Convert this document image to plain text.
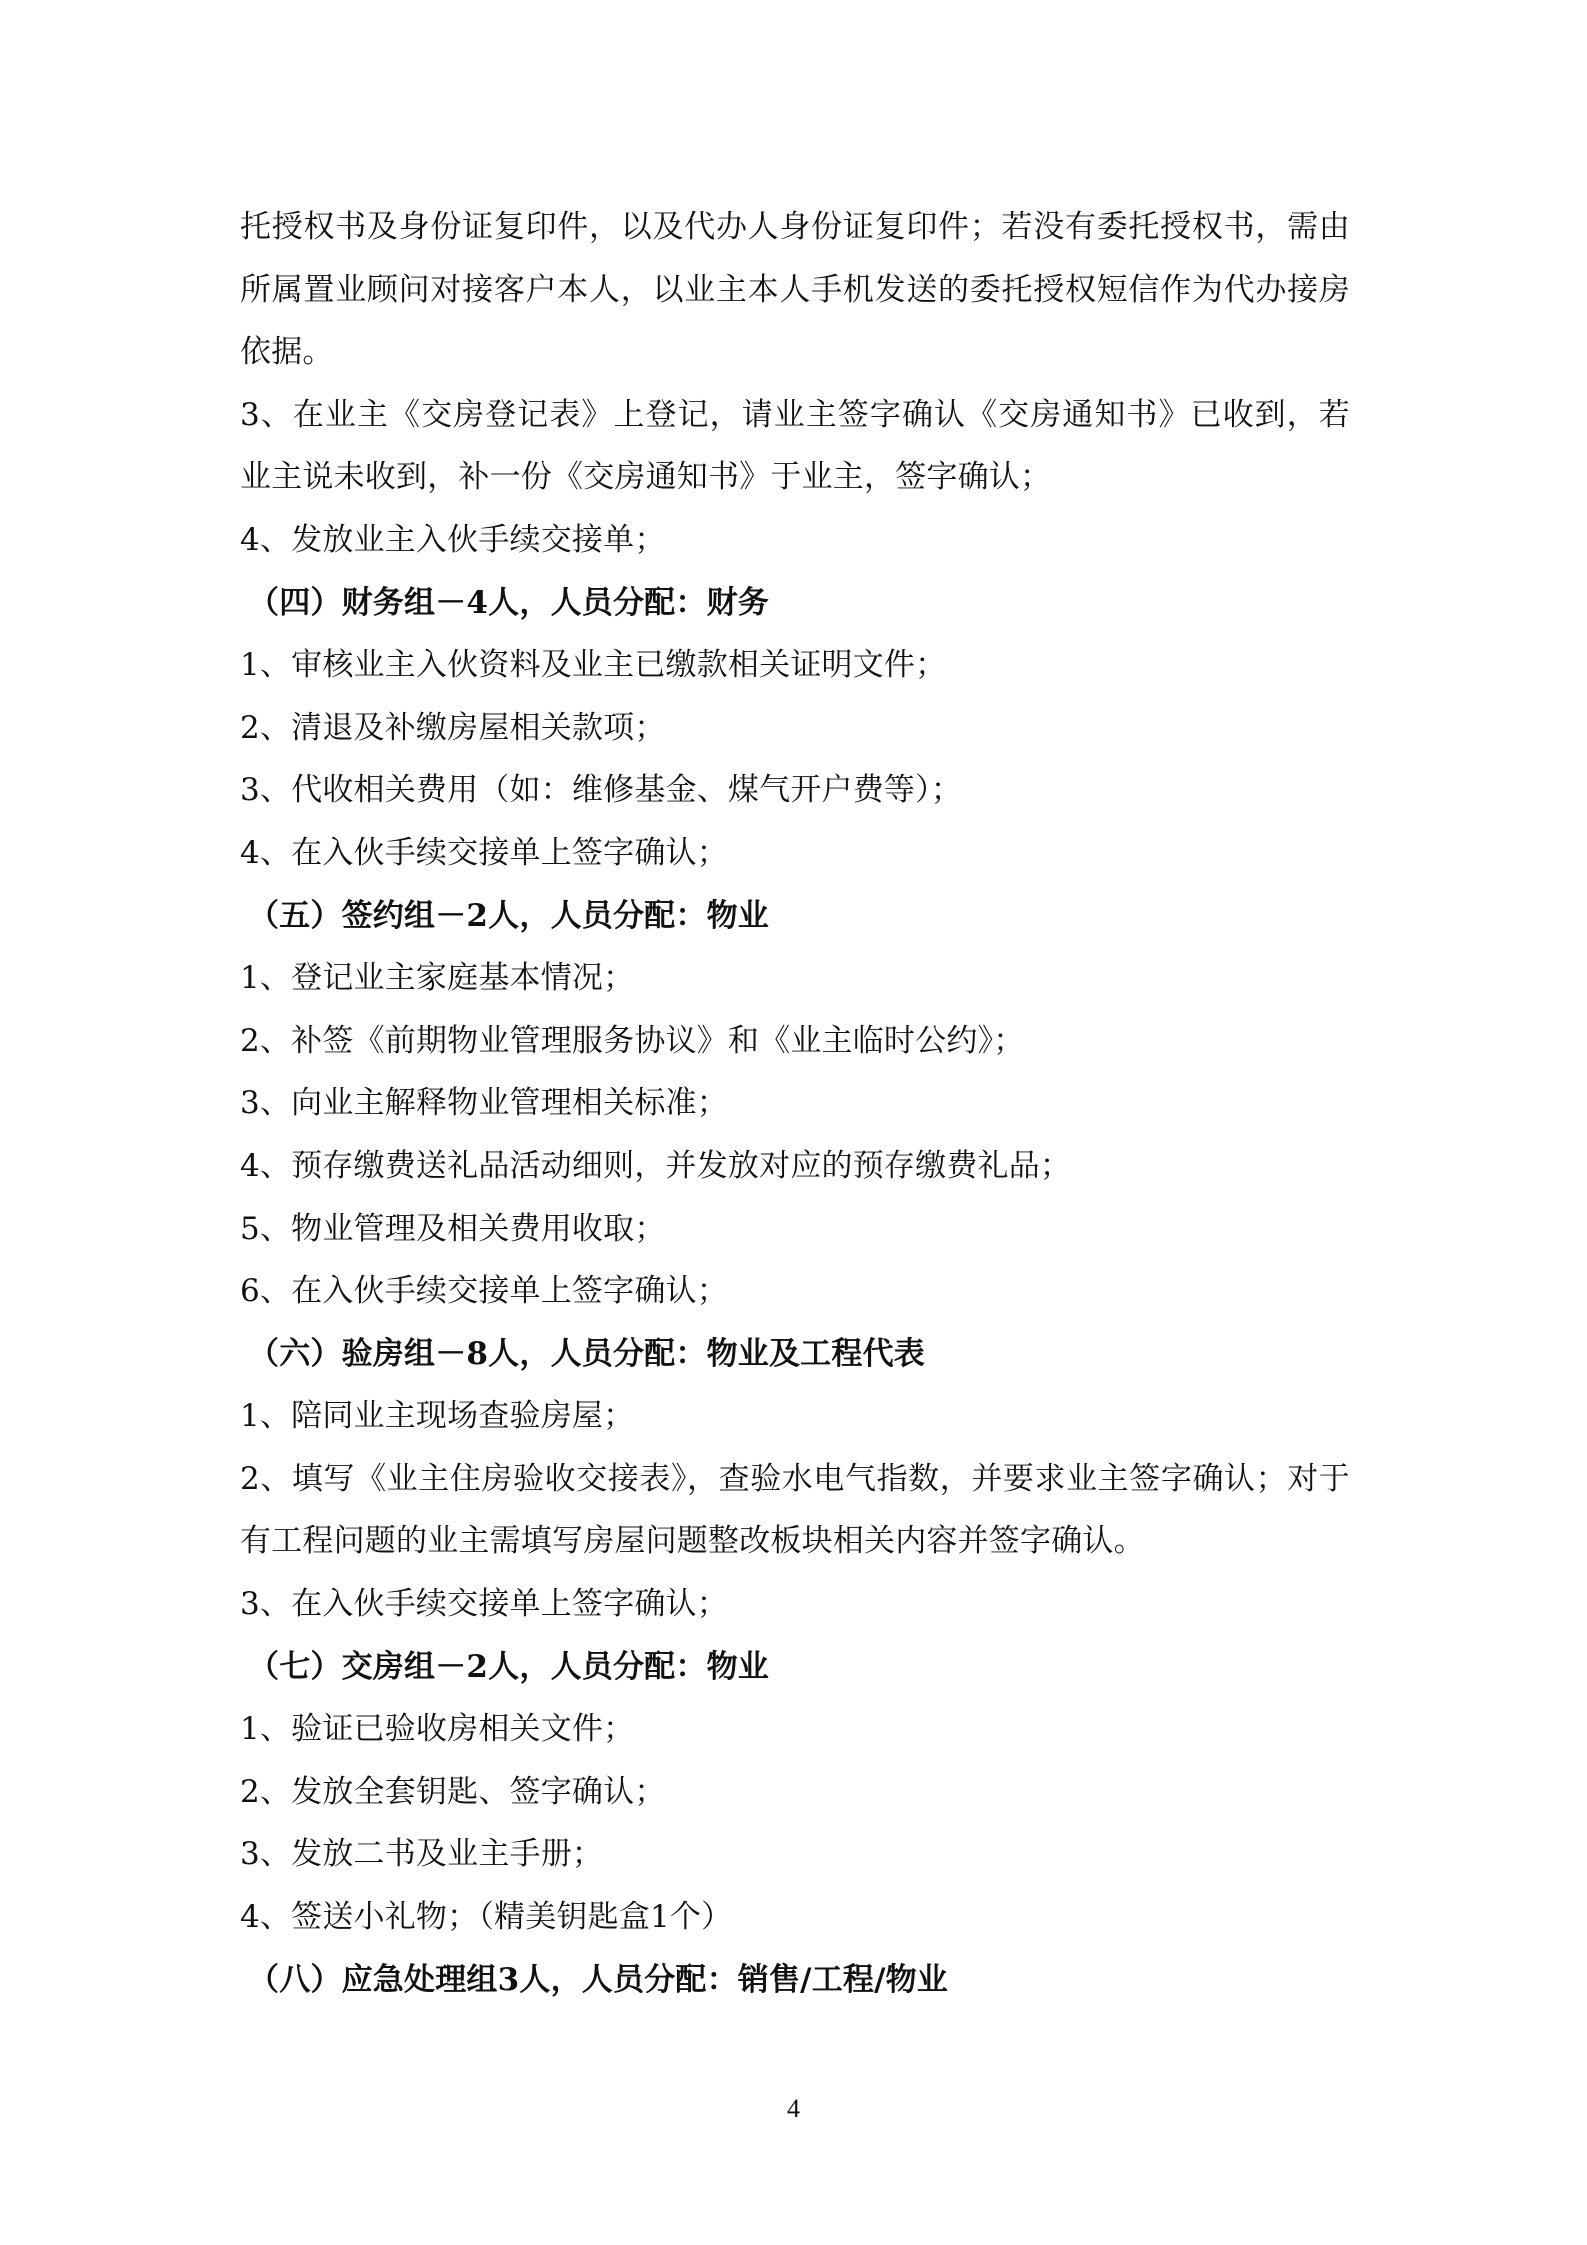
托授权书及身份证复印件，以及代办人身份证复印件；若没有委托授权书，需由
所属置业顾问对接客户本人，以业主本人手机发送的委托授权短信作为代办接房
依据。
3、在业主《交房登记表》上登记，请业主签字确认《交房通知书》已收到，若
业主说未收到，补一份《交房通知书》于业主，签字确认；
4、发放业主入伙手续交接单；
（四）财务组－4人，人员分配：财务
1、审核业主入伙资料及业主已缴款相关证明文件；
2、清退及补缴房屋相关款项；
3、代收相关费用（如：维修基金、煤气开户费等）；
4、在入伙手续交接单上签字确认；
（五）签约组－2人，人员分配：物业
1、登记业主家庭基本情况；
2、补签《前期物业管理服务协议》和《业主临时公约》；
3、向业主解释物业管理相关标准；
4、预存缴费送礼品活动细则，并发放对应的预存缴费礼品；
5、物业管理及相关费用收取；
6、在入伙手续交接单上签字确认；
（六）验房组－8人，人员分配：物业及工程代表
1、陪同业主现场查验房屋；
2、填写《业主住房验收交接表》，查验水电气指数，并要求业主签字确认；对于
有工程问题的业主需填写房屋问题整改板块相关内容并签字确认。
3、在入伙手续交接单上签字确认；
（七）交房组－2人，人员分配：物业
1、验证已验收房相关文件；
2、发放全套钥匙、签字确认；
3、发放二书及业主手册；
4、签送小礼物；（精美钥匙盒1个）
（八）应急处理组3人，人员分配：销售/工程/物业
4
